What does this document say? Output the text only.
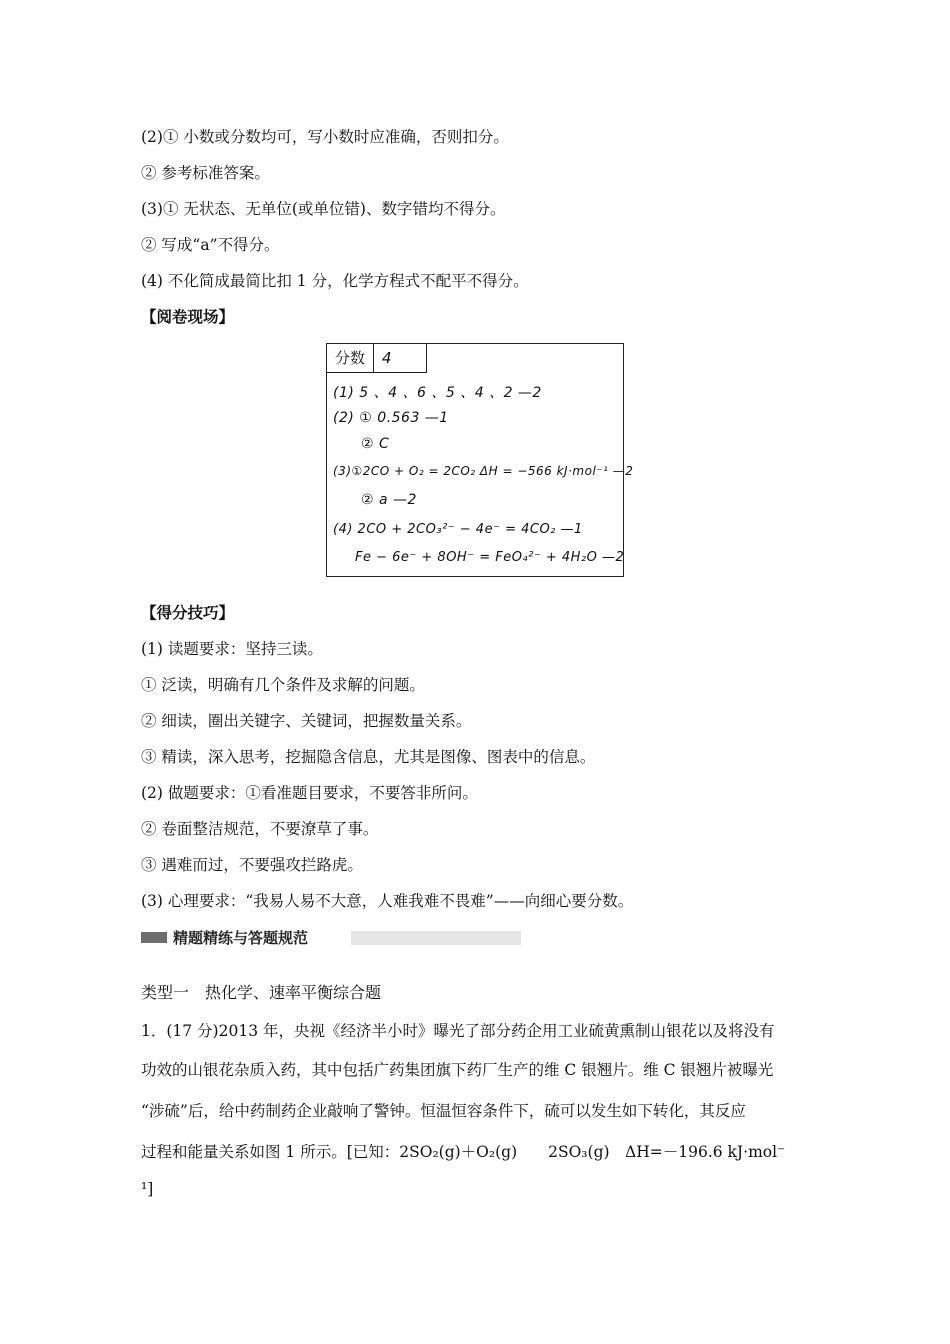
(2)① 小数或分数均可，写小数时应准确，否则扣分。
② 参考标准答案。
(3)① 无状态、无单位(或单位错)、数字错均不得分。
② 写成“a”不得分。
(4) 不化简成最简比扣 1 分，化学方程式不配平不得分。
【阅卷现场】
分数	4
(1) 5 、4 、6 、5 、4 、2 —2
(2) ① 0.563 —1
② C
(3)①2CO + O₂ = 2CO₂ ΔH = −566 kJ·mol⁻¹ —2
② a —2
(4) 2CO + 2CO₃²⁻ − 4e⁻ = 4CO₂ —1
Fe − 6e⁻ + 8OH⁻ = FeO₄²⁻ + 4H₂O —2
【得分技巧】
(1) 读题要求：坚持三读。
① 泛读，明确有几个条件及求解的问题。
② 细读，圈出关键字、关键词，把握数量关系。
③ 精读，深入思考，挖掘隐含信息，尤其是图像、图表中的信息。
(2) 做题要求：①看准题目要求，不要答非所问。
② 卷面整洁规范，不要潦草了事。
③ 遇难而过，不要强攻拦路虎。
(3) 心理要求：“我易人易不大意，人难我难不畏难”——向细心要分数。
精题精练与答题规范
类型一　热化学、速率平衡综合题
1．(17 分)2013 年，央视《经济半小时》曝光了部分药企用工业硫黄熏制山银花以及将没有
功效的山银花杂质入药，其中包括广药集团旗下药厂生产的维 C 银翘片。维 C 银翘片被曝光
“涉硫”后，给中药制药企业敲响了警钟。恒温恒容条件下，硫可以发生如下转化，其反应
过程和能量关系如图 1 所示。[已知：2SO₂(g)＋O₂(g)　　2SO₃(g)　ΔH=－196.6 kJ·mol⁻
¹]
